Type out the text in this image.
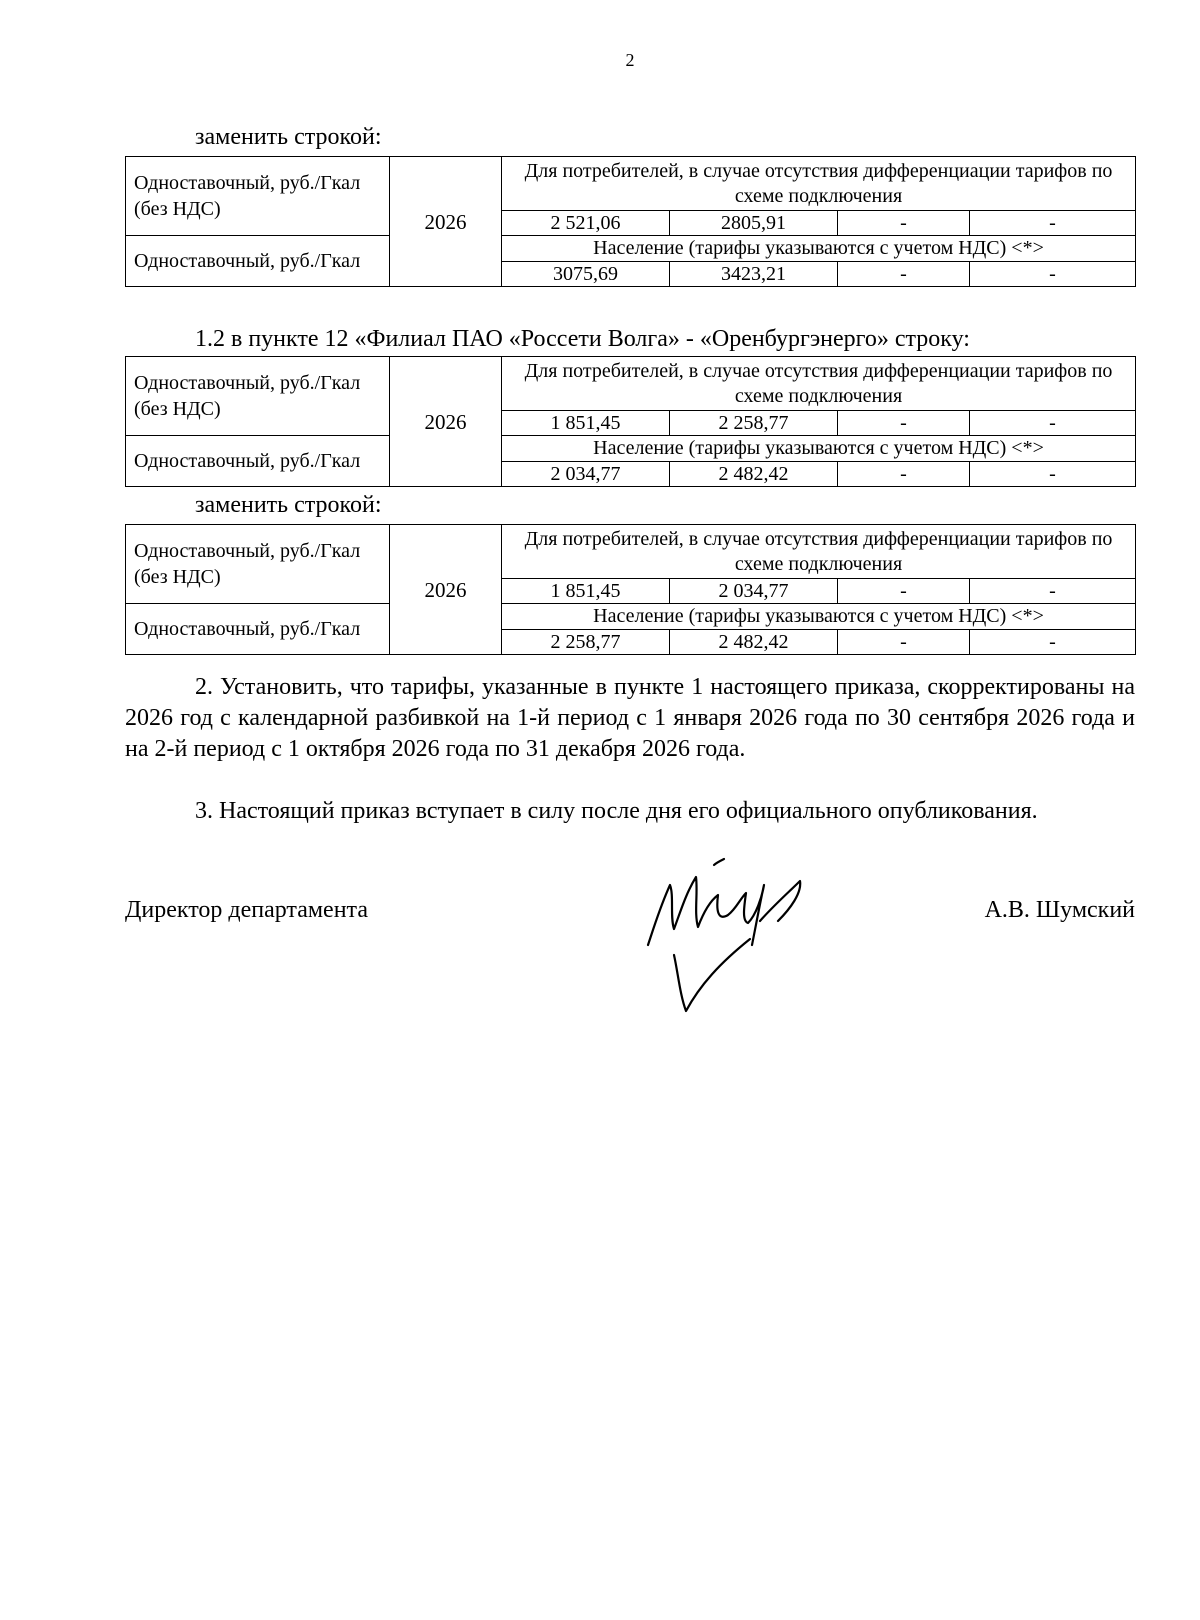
2
заменить строкой:
Одноставочный, руб./Гкал (без НДС)	2026	Для потребителей, в случае отсутствия дифференциации тарифов по схеме подключения			
		2 521,06	2805,91	-	-
Одноставочный, руб./Гкал		Население (тарифы указываются с учетом НДС) <*>			
		3075,69	3423,21	-	-
1.2 в пункте 12 «Филиал ПАО «Россети Волга» - «Оренбургэнерго» строку:
Одноставочный, руб./Гкал (без НДС)	2026	Для потребителей, в случае отсутствия дифференциации тарифов по схеме подключения			
		1 851,45	2 258,77	-	-
Одноставочный, руб./Гкал		Население (тарифы указываются с учетом НДС) <*>			
		2 034,77	2 482,42	-	-
заменить строкой:
Одноставочный, руб./Гкал (без НДС)	2026	Для потребителей, в случае отсутствия дифференциации тарифов по схеме подключения			
		1 851,45	2 034,77	-	-
Одноставочный, руб./Гкал		Население (тарифы указываются с учетом НДС) <*>			
		2 258,77	2 482,42	-	-
2. Установить, что тарифы, указанные в пункте 1 настоящего приказа, скорректированы на 2026 год с календарной разбивкой на 1-й период с 1 января 2026 года по 30 сентября 2026 года и на 2-й период с 1 октября 2026 года по 31 декабря 2026 года.
3. Настоящий приказ вступает в силу после дня его официального опубликования.
Директор департамента	А.В. Шумский
